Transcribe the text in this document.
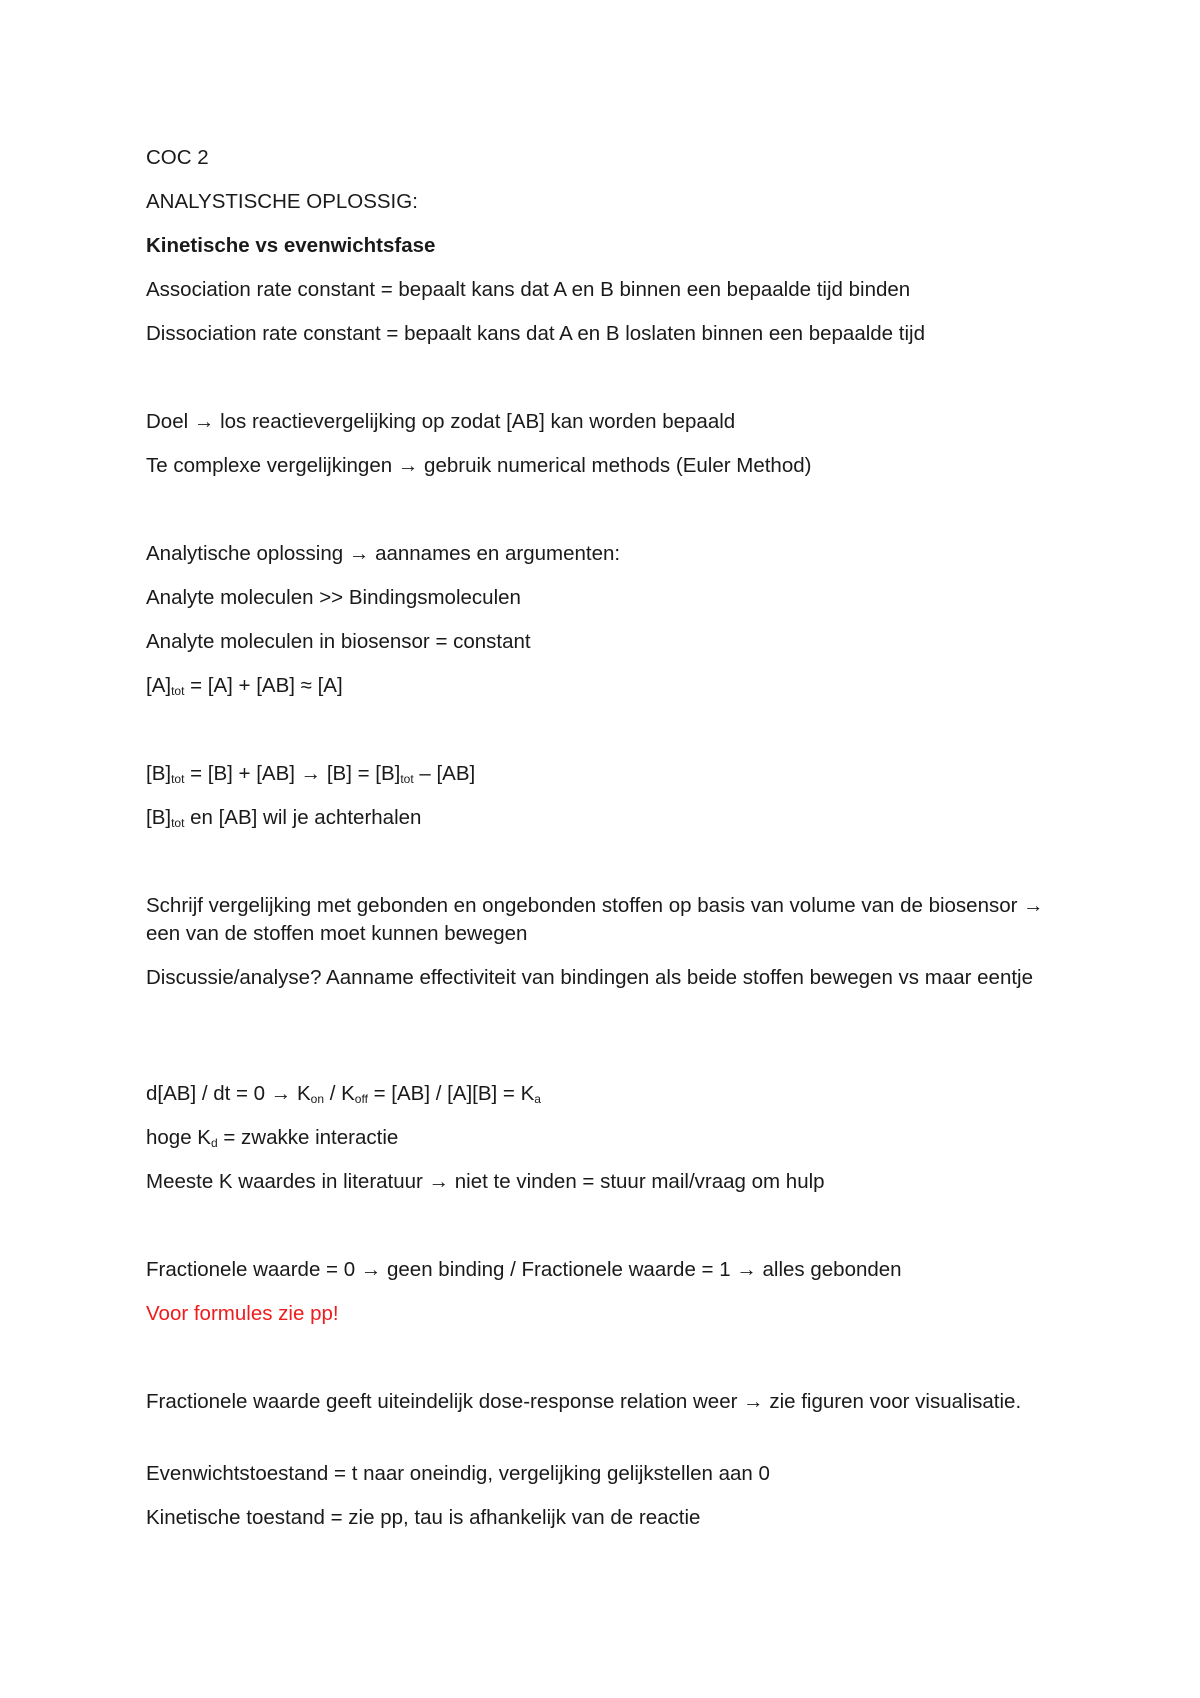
COC 2
ANALYSTISCHE OPLOSSIG:
Kinetische vs evenwichtsfase
Association rate constant = bepaalt kans dat A en B binnen een bepaalde tijd binden
Dissociation rate constant = bepaalt kans dat A en B loslaten binnen een bepaalde tijd
Doel → los reactievergelijking op zodat [AB] kan worden bepaald
Te complexe vergelijkingen → gebruik numerical methods (Euler Method)
Analytische oplossing → aannames en argumenten:
Analyte moleculen >> Bindingsmoleculen
Analyte moleculen in biosensor = constant
$[A]_{tot} = [A] + [AB] \approx [A]$
$[B]_{tot} = [B] + [AB] \to [B] = [B]_{tot} - [AB]$
$[B]_{tot}$ en [AB] wil je achterhalen
Schrijf vergelijking met gebonden en ongebonden stoffen op basis van volume van de biosensor → een van de stoffen moet kunnen bewegen
Discussie/analyse? Aanname effectiviteit van bindingen als beide stoffen bewegen vs maar eentje
d[AB] / dt = $0 \to K_{on} / K_{off} = [AB] / [A][B] = K_a$
hoge $K_d$ = zwakke interactie
Meeste K waardes in literatuur → niet te vinden = stuur mail/vraag om hulp
Fractionele waarde = 0 → geen binding / Fractionele waarde = 1 → alles gebonden
Voor formules zie pp!
Fractionele waarde geeft uiteindelijk dose-response relation weer → zie figuren voor visualisatie.
Evenwichtstoestand = t naar oneindig, vergelijking gelijkstellen aan 0
Kinetische toestand = zie pp, tau is afhankelijk van de reactie
